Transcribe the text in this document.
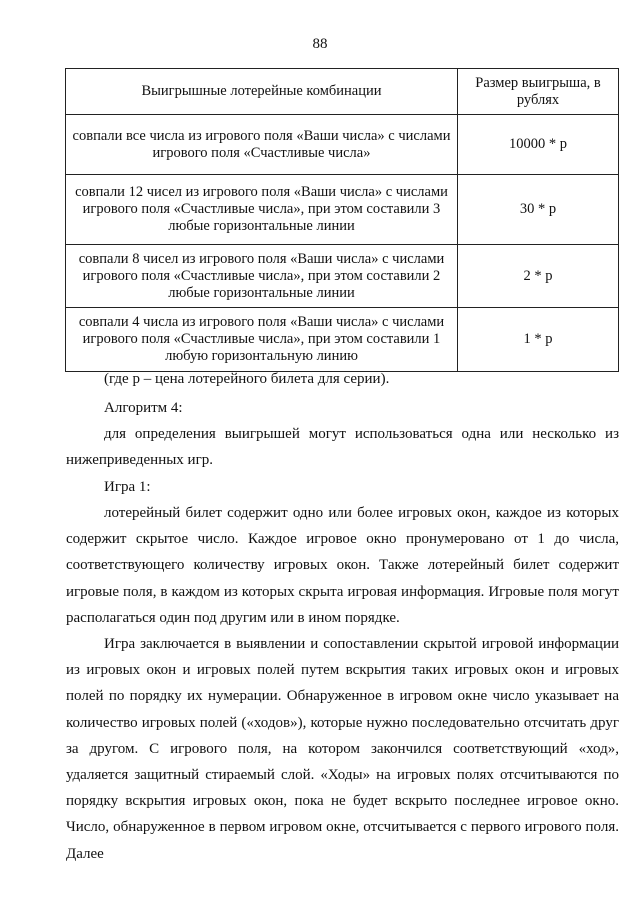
88
Выигрышные лотерейные комбинации	Размер выигрыша, в рублях
совпали все числа из игрового поля «Ваши числа» с числами игрового поля «Счастливые числа»	10000 * р
совпали 12 чисел из игрового поля «Ваши числа» с числами игрового поля «Счастливые числа», при этом составили 3 любые горизонтальные линии	30 * р
совпали 8 чисел из игрового поля «Ваши числа» с числами игрового поля «Счастливые числа», при этом составили 2 любые горизонтальные линии	2 * р
совпали 4 числа из игрового поля «Ваши числа» с числами игрового поля «Счастливые числа», при этом составили 1 любую горизонтальную линию	1 * р
(где р – цена лотерейного билета для серии).
Алгоритм 4:
для определения выигрышей могут использоваться одна или несколько из нижеприведенных игр.
Игра 1:
лотерейный билет содержит одно или более игровых окон, каждое из которых содержит скрытое число. Каждое игровое окно пронумеровано от 1 до числа, соответствующего количеству игровых окон. Также лотерейный билет содержит игровые поля, в каждом из которых скрыта игровая информация. Игровые поля могут располагаться один под другим или в ином порядке.
Игра заключается в выявлении и сопоставлении скрытой игровой информации из игровых окон и игровых полей путем вскрытия таких игровых окон и игровых полей по порядку их нумерации. Обнаруженное в игровом окне число указывает на количество игровых полей («ходов»), которые нужно последовательно отсчитать друг за другом. С игрового поля, на котором закончился соответствующий «ход», удаляется защитный стираемый слой. «Ходы» на игровых полях отсчитываются по порядку вскрытия игровых окон, пока не будет вскрыто последнее игровое окно. Число, обнаруженное в первом игровом окне, отсчитывается с первого игрового поля. Далее
